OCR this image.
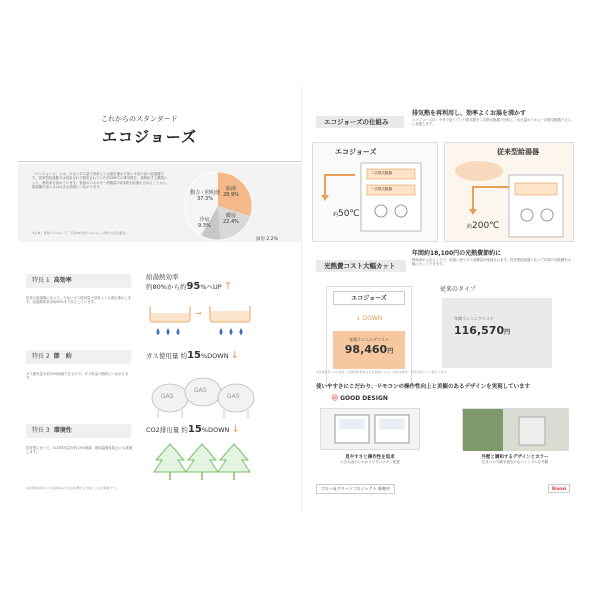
これからのスタンダード
エコジョーズ
「エコジョーズ」とは、少ないガス量で効率よくお湯を沸かす省エネ性の高い給湯器です。従来型給湯器では活用されず排気されていた約200℃の排気熱を、再利用する構造により、熱効率を高めています。家庭のエネルギー消費量の約3割を給湯が占めることから、給湯器の省エネは大きな効果につながります。
※出典：資源エネルギー庁「平成30年度エネルギーに関する年次報告」
給湯
28.9%
動力・照明他
37.3%
暖房
22.4%
冷房
9.3%
厨房 2.2%
特長 1 高効率
従来の給湯器に比べて、少ないガス使用量で効率よくお湯を沸かします。給湯熱効率は約95%まで向上しています。
給湯熱効率
約80%から約95%へUP ↑
→
特長 2 節　約
ガス使用量を約15%削減できるので、ガス料金の節約につながります。
ガス使用量 約15%DOWN ↓
GAS
GAS
GAS
特長 3 環境性
従来型に比べて、CO2排出量を約15%削減。地球温暖化防止にも貢献します。
CO2排出量 約15%DOWN ↓
※給湯熱効率および削減率は当社従来機との比較による試算値です。
エコジョーズの仕組み
排気熱を再利用し、効率よくお湯を沸かす
エコジョーズは、今まで捨てていた排気熱を二次熱交換器で回収し、水を温めてから一次熱交換器でさらに加熱します。
エコジョーズ
二次熱交換器
一次熱交換器
約50℃
従来型給湯器
約200℃
光熱費コスト大幅カット
年間約18,100円の光熱費節約に
熱効率が上がることで、給湯に使うガス消費量が削減されます。従来型給湯器と比べて年間の光熱費を大幅にカットできます。
エコジョーズ
↓ DOWN
年間ランニングコスト
98,460円
従来のタイプ
年間ランニングコスト
116,570円
※試算条件：4人家族、給湯使用量等は当社基準による。料金は地域・使用状況により異なります。
使いやすさにこだわり、リモコンの操作性向上と美観のあるデザインを実現しています
Ⓖ GOOD DESIGN
見やすさと操作性を追求
大きな表示とわかりやすいボタン配置
外壁と調和するデザインとカラー
住まいの外観を損なわないシンプルな外観
ブルー＆グリーンプロジェクト 推進中	Rinnai
